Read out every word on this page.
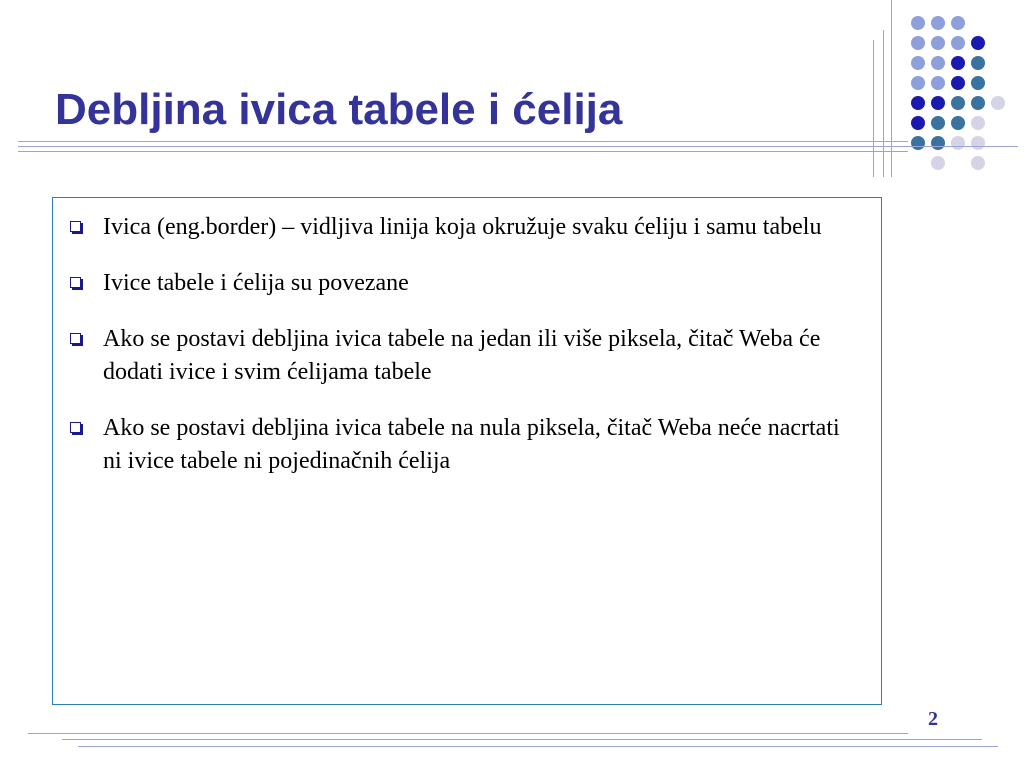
Debljina ivica tabele i ćelija
Ivica (eng.border) – vidljiva linija koja okružuje svaku ćeliju i samu tabelu
Ivice tabele i ćelija su povezane
Ako se postavi debljina ivica tabele na jedan ili više piksela, čitač Weba će dodati ivice i svim ćelijama tabele
Ako se postavi debljina ivica tabele na nula piksela, čitač Weba neće nacrtati ni ivice tabele ni pojedinačnih ćelija
2
